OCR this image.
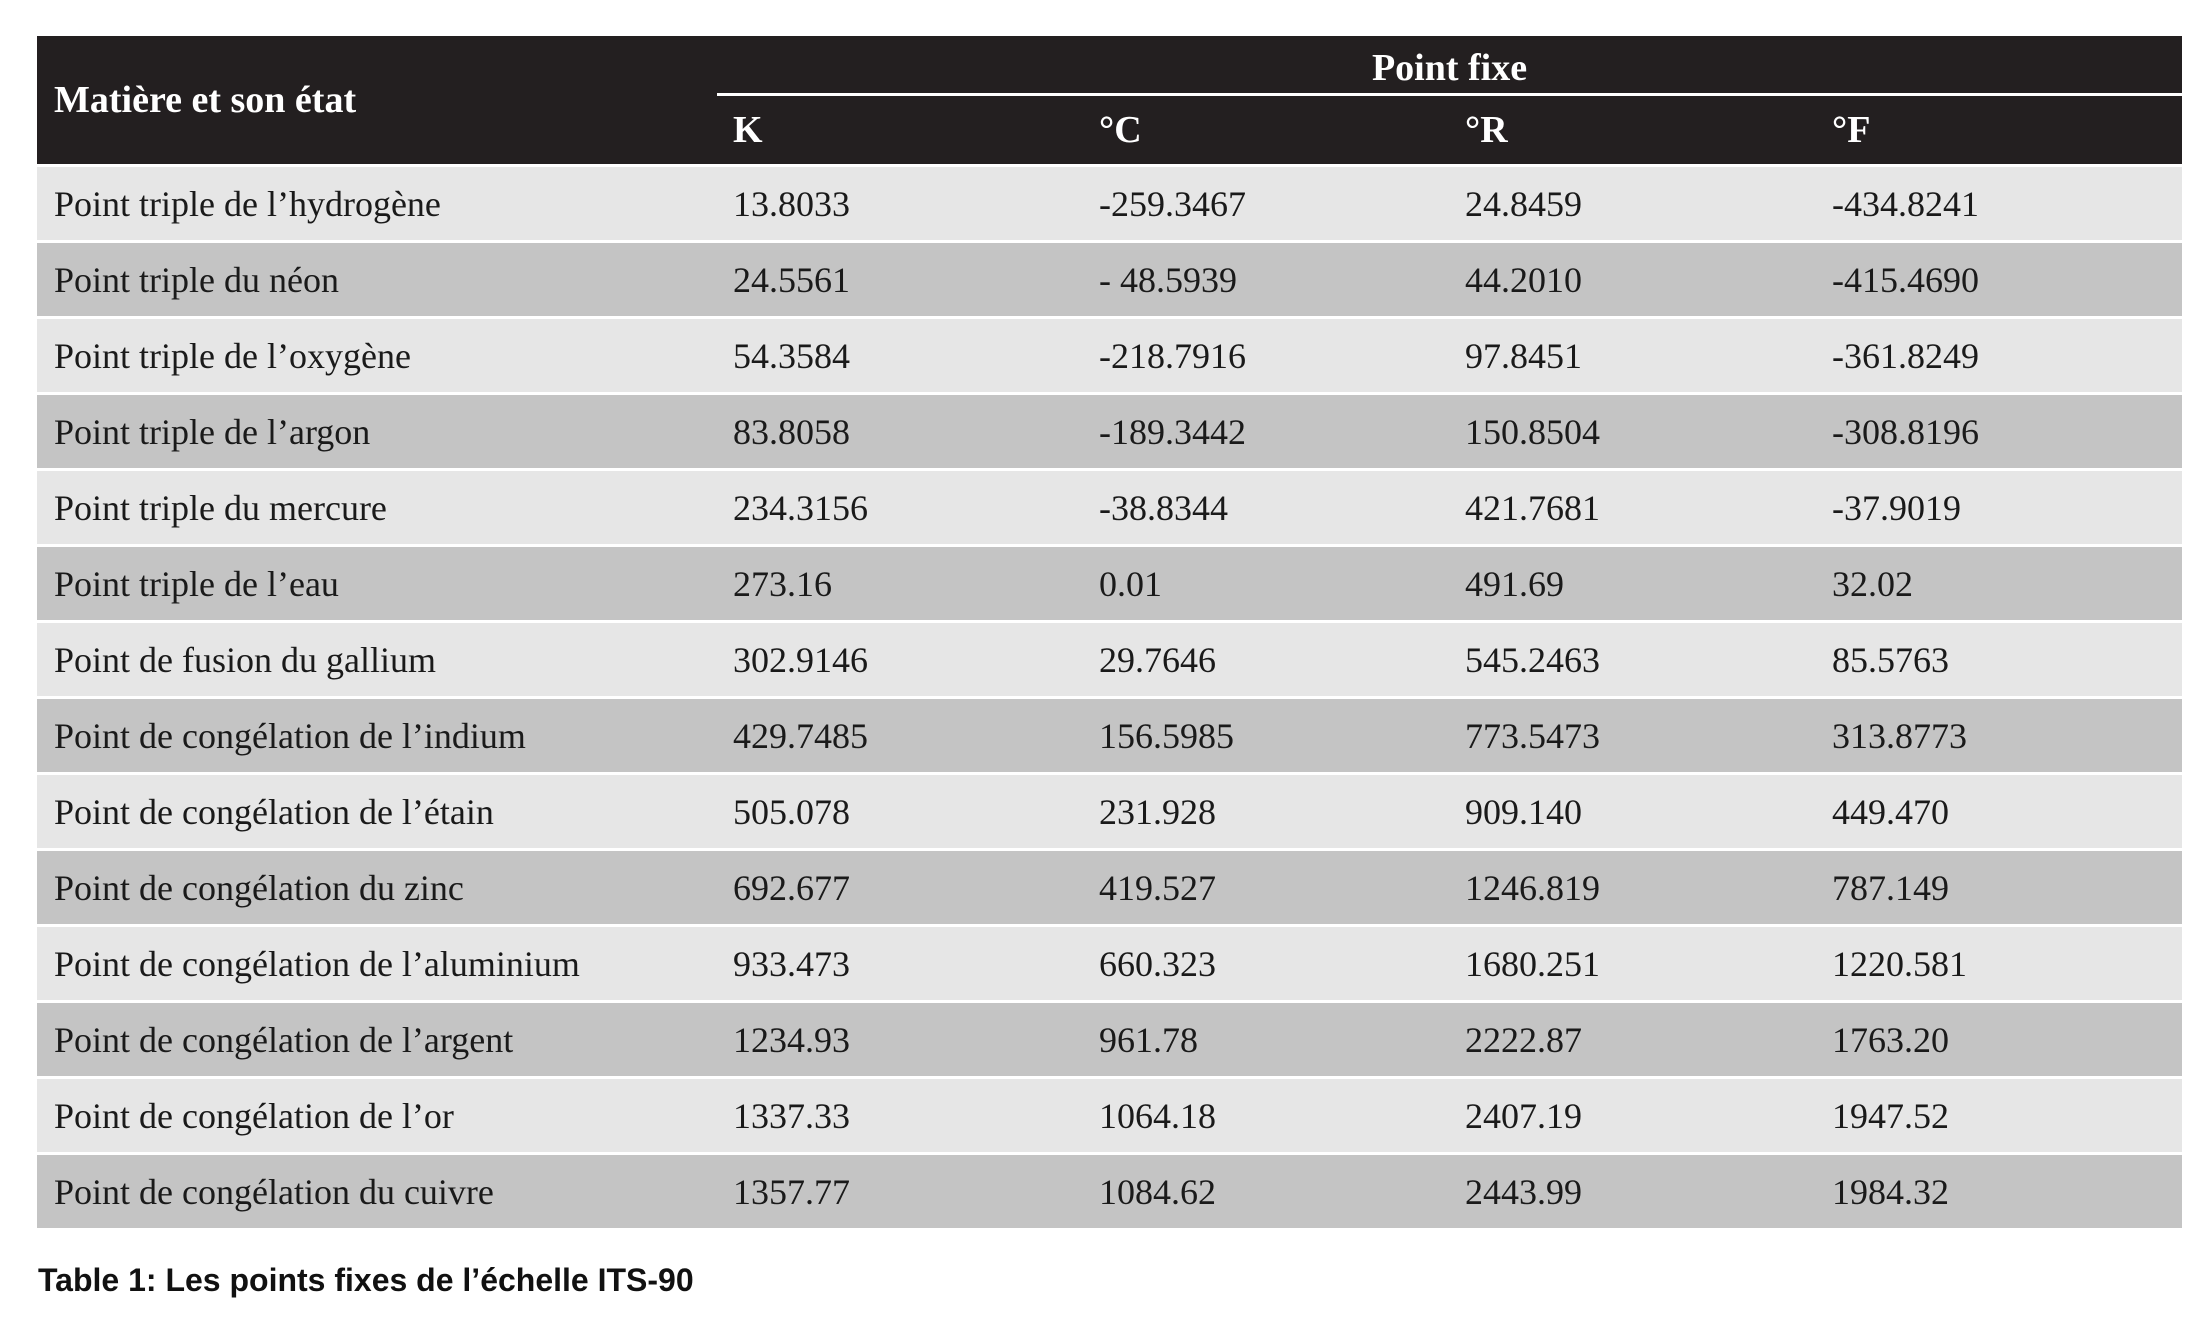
Matière et son état	Point fixe			

	K	°C	°R	°F
Point triple de l’hydrogène	13.8033	-259.3467	24.8459	-434.8241
Point triple du néon	24.5561	- 48.5939	44.2010	-415.4690
Point triple de l’oxygène	54.3584	-218.7916	97.8451	-361.8249
Point triple de l’argon	83.8058	-189.3442	150.8504	-308.8196
Point triple du mercure	234.3156	-38.8344	421.7681	-37.9019
Point triple de l’eau	273.16	0.01	491.69	32.02
Point de fusion du gallium	302.9146	29.7646	545.2463	85.5763
Point de congélation de l’indium	429.7485	156.5985	773.5473	313.8773
Point de congélation de l’étain	505.078	231.928	909.140	449.470
Point de congélation du zinc	692.677	419.527	1246.819	787.149
Point de congélation de l’aluminium	933.473	660.323	1680.251	1220.581
Point de congélation de l’argent	1234.93	961.78	2222.87	1763.20
Point de congélation de l’or	1337.33	1064.18	2407.19	1947.52
Point de congélation du cuivre	1357.77	1084.62	2443.99	1984.32
Table 1: Les points fixes de l’échelle ITS-90
